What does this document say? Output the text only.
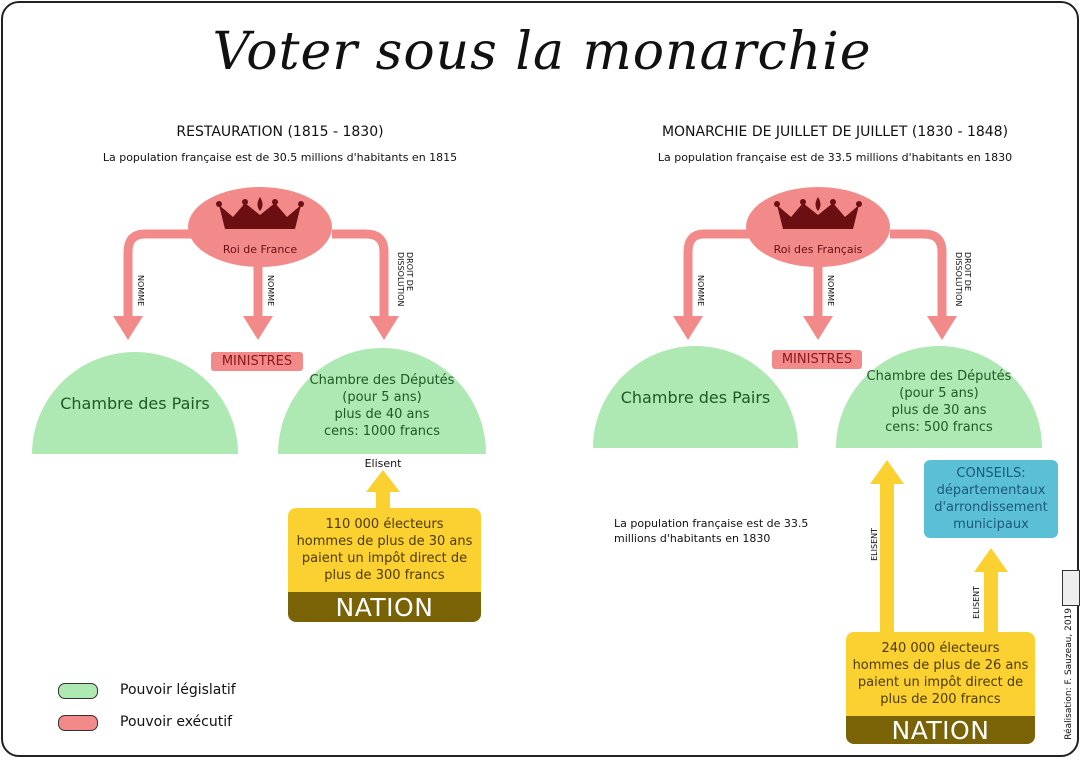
Voter sous la monarchie
RESTAURATION (1815 - 1830)
La population française est de 30.5 millions d'habitants en 1815
Roi de France
NOMME	NOMME	DROIT DE DISSOLUTION
MINISTRES
Chambre des Pairs
Chambre des Députés
(pour 5 ans)
plus de 40 ans
cens: 1000 francs
Elisent
110 000 électeurs
hommes de plus de 30 ans
paient un impôt direct de
plus de 300 francs
NATION
MONARCHIE DE JUILLET DE JUILLET (1830 - 1848)
La population française est de 33.5 millions d'habitants en 1830
Roi des Français
NOMME	NOMME	DROIT DE DISSOLUTION
MINISTRES
Chambre des Pairs
Chambre des Députés
(pour 5 ans)
plus de 30 ans
cens: 500 francs
La population française est de 33.5
millions d'habitants en 1830	ELISENT
ELISENT
CONSEILS:
départementaux
d'arrondissement
municipaux
240 000 électeurs
hommes de plus de 26 ans
paient un impôt direct de
plus de 200 francs
NATION
Pouvoir législatif
Pouvoir exécutif	Réalisation: F. Sauzeau, 2019
